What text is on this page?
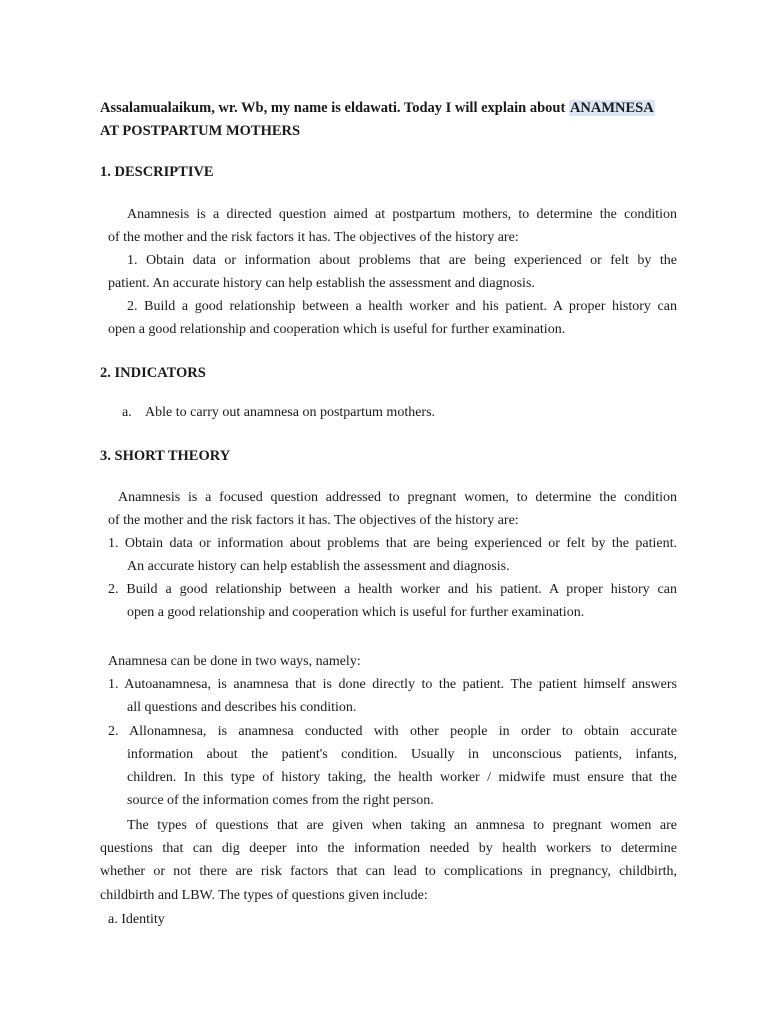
Assalamualaikum, wr. Wb, my name is eldawati. Today I will explain about ANAMNESA
AT POSTPARTUM MOTHERS
1. DESCRIPTIVE
Anamnesis is a directed question aimed at postpartum mothers, to determine the condition
of the mother and the risk factors it has. The objectives of the history are:
1. Obtain data or information about problems that are being experienced or felt by the
patient. An accurate history can help establish the assessment and diagnosis.
2. Build a good relationship between a health worker and his patient. A proper history can
open a good relationship and cooperation which is useful for further examination.
2. INDICATORS
a. Able to carry out anamnesa on postpartum mothers.
3. SHORT THEORY
Anamnesis is a focused question addressed to pregnant women, to determine the condition
of the mother and the risk factors it has. The objectives of the history are:
1. Obtain data or information about problems that are being experienced or felt by the patient.
An accurate history can help establish the assessment and diagnosis.
2. Build a good relationship between a health worker and his patient. A proper history can
open a good relationship and cooperation which is useful for further examination.
Anamnesa can be done in two ways, namely:
1. Autoanamnesa, is anamnesa that is done directly to the patient. The patient himself answers
all questions and describes his condition.
2. Allonamnesa, is anamnesa conducted with other people in order to obtain accurate
information about the patient's condition. Usually in unconscious patients, infants,
children. In this type of history taking, the health worker / midwife must ensure that the
source of the information comes from the right person.
The types of questions that are given when taking an anmnesa to pregnant women are
questions that can dig deeper into the information needed by health workers to determine
whether or not there are risk factors that can lead to complications in pregnancy, childbirth,
childbirth and LBW. The types of questions given include:
a. Identity
